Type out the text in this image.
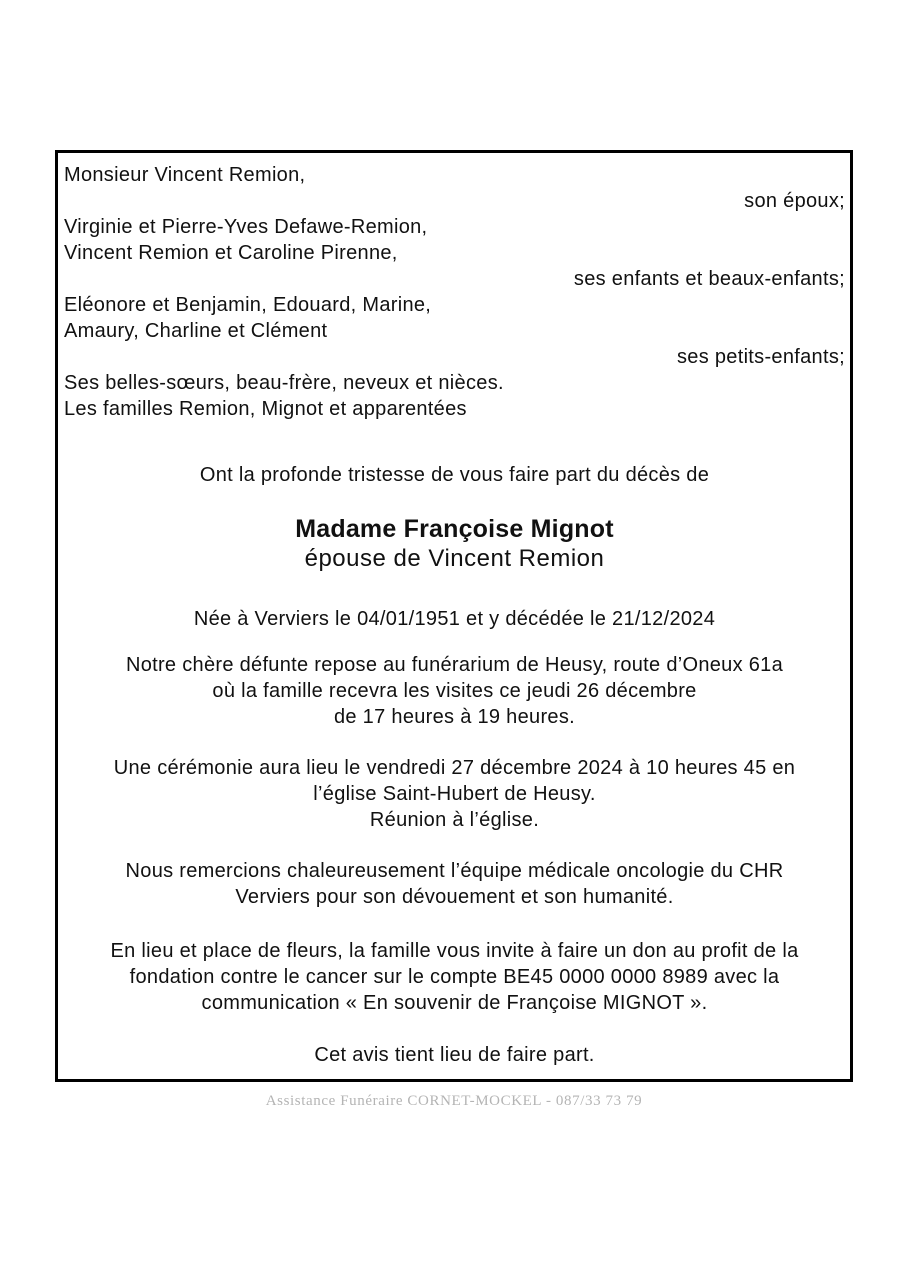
Monsieur Vincent Remion,
son époux;
Virginie et Pierre-Yves Defawe-Remion,
Vincent Remion et Caroline Pirenne,
ses enfants et beaux-enfants;
Eléonore et Benjamin, Edouard, Marine,
Amaury, Charline et Clément
ses petits-enfants;
Ses belles-sœurs, beau-frère, neveux et nièces.
Les familles Remion, Mignot et apparentées
Ont la profonde tristesse de vous faire part du décès de
Madame Françoise Mignot
épouse de Vincent Remion
Née à Verviers le 04/01/1951 et y décédée le 21/12/2024
Notre chère défunte repose au funérarium de Heusy, route d’Oneux 61a
où la famille recevra les visites ce jeudi 26 décembre
de 17 heures à 19 heures.
Une cérémonie aura lieu le vendredi 27 décembre 2024 à 10 heures 45 en
l’église Saint-Hubert de Heusy.
Réunion à l’église.
Nous remercions chaleureusement l’équipe médicale oncologie du CHR
Verviers pour son dévouement et son humanité.
En lieu et place de fleurs, la famille vous invite à faire un don au profit de la
fondation contre le cancer sur le compte BE45 0000 0000 8989 avec la
communication « En souvenir de Françoise MIGNOT ».
Cet avis tient lieu de faire part.
Assistance Funéraire CORNET-MOCKEL - 087/33 73 79
